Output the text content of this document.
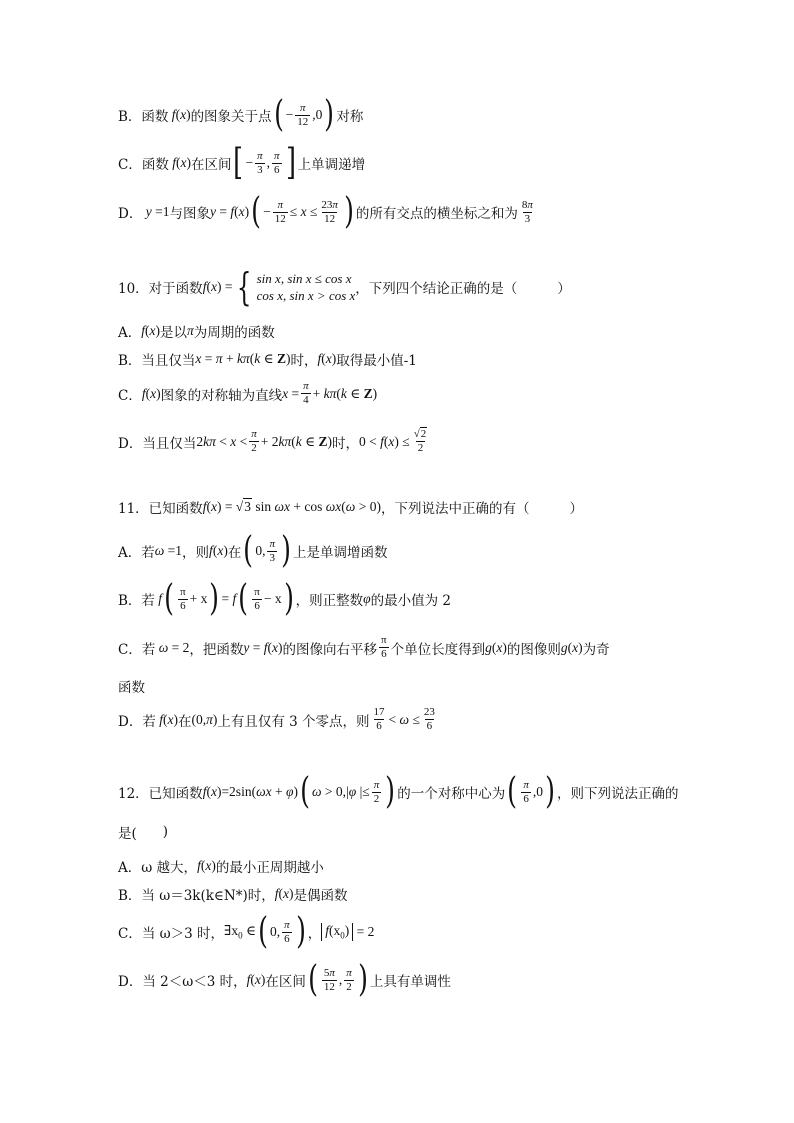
B．函数 f ( x ) 的图象关于点 ( − $\frac{\pi}{12} ,0$ ) 对称
C．函数 f ( x ) 在区间 [ − $\frac{\pi}{3}$ , $\frac{\pi}{6}$ ] 上单调递增
D． y =1 与图象 y = f ( x ) ( − $\frac{\pi}{12} \le x \le \frac{23\pi}{12}$ ) 的所有交点的横坐标之和为 $\frac{8\pi}{3}$
10．对于函数 f ( x ) = { sin x, sin x ≤ cos x
cos x, sin x > cos x ，下列四个结论正确的是（	）
A． f ( x ) 是以 π 为周期的函数
B．当且仅当 x = π + kπ ( k ∈ Z) 时， f ( x ) 取得最小值-1
C． f ( x ) 图象的对称轴为直线 $x = \frac{\pi}{4} + k\pi$ ( k ∈ Z)
D．当且仅当 2 $k\pi < x < \frac{\pi}{2} + 2$ kπ ( k ∈ Z) 时， 0 < f ( x ) ≤ $\frac{√2}{2}$
11．已知函数 f ( x ) = √3 sin ωx + cos ωx ( ω > 0) ，下列说法中正确的有（	）
A．若 ω =1 ，则 f ( x ) 在 ( 0, $\frac{\pi}{3}$ ) 上是单调增函数
B．若 f ( $\frac{\pi}{6} + x$ ) = f ( $\frac{\pi}{6} - x$ ) ，则正整数 φ 的最小值为 2
C．若 ω = 2 ，把函数 y = f ( x ) 的图像向右平移 $\frac{\pi}{6}$ 个单位长度得到 g ( x ) 的图像则 g ( x ) 为奇
函数
D．若 f ( x ) 在 (0, π ) 上有且仅有 3 个零点，则 $\frac{17}{6} < \omega \le \frac{23}{6}$
12．已知函数 f ( x )=2sin( ωx + φ ) ( ω > 0,| φ |≤ $\frac{\pi}{2}$ ) 的一个对称中心为 ( $\frac{\pi}{6} ,0$ ) ，则下列说法正确的
是( )
A．ω 越大， f ( x ) 的最小正周期越小
B．当 ω＝3k(k∈N*)时， f ( x ) 是偶函数
C．当 ω＞3 时， $\exists x_0$ ∈ ( 0, $\frac{\pi}{6}$ ) ， $f(x_0) = 2$
D．当 2＜ω＜3 时， f ( x ) 在区间 ( $\frac{5\pi}{12}$ , $\frac{\pi}{2}$ ) 上具有单调性
